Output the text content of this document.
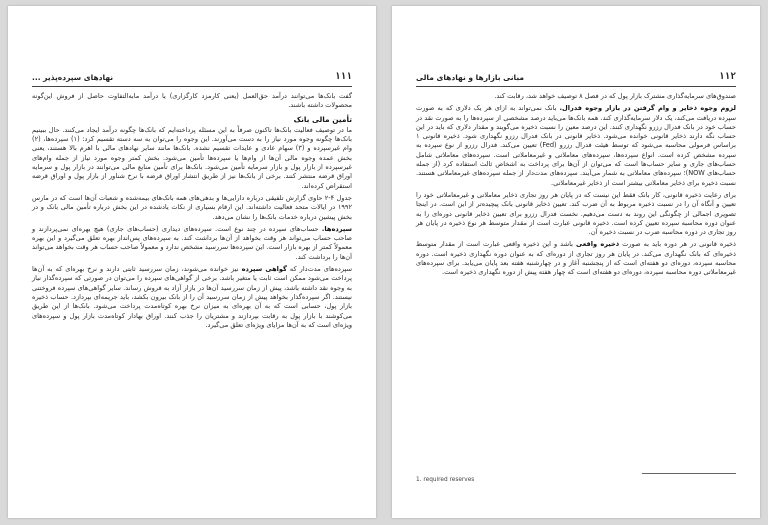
۱۱۱
نهادهای سپرده‌پذیر ...

گفت بانک‌ها می‌توانند درآمد حق‌العمل (یعنی کارمزد کارگزاری) یا درآمد مابه‌التفاوت حاصل از فروش این‌گونه محصولات داشته باشند.

تأمین مالی بانک

ما در توصیف فعالیت بانک‌ها تاکنون صرفاً به این مسئله پرداخته‌ایم که بانک‌ها چگونه درآمد ایجاد می‌کنند. حال ببینیم بانک‌ها چگونه وجوه مورد نیاز را به دست می‌آورند. این وجوه را می‌توان به سه دسته تقسیم کرد: (۱) سپرده‌ها، (۲) وام غیرسپرده و (۳) سهام عادی و عایدات تقسیم نشده. بانک‌ها مانند سایر نهادهای مالی با اهرم بالا هستند، یعنی بخش عمده وجوه مالی آن‌ها از وام‌ها یا سپرده‌ها تأمین می‌شود. بخش کمتر وجوه مورد نیاز از جمله وام‌های غیرسپرده از بازار پول و بازار سرمایه تأمین می‌شود. بانک‌ها برای تأمین منابع مالی می‌توانند در بازار پول و سرمایه اوراق قرضه منتشر کنند. برخی از بانک‌ها نیز از طریق انتشار اوراق قرضه با نرخ شناور از بازار پول و اوراق قرضه استقراض کرده‌اند.

جدول ۴-۲ حاوی گزارش تلفیقی درباره دارایی‌ها و بدهی‌های همه بانک‌های بیمه‌شده و شعبات آن‌ها است که در مارس ۱۹۹۲ در ایالات متحد فعالیت داشته‌اند. این ارقام بسیاری از نکات یادشده در این بخش درباره تأمین مالی بانک و در بخش پیشین درباره خدمات بانک‌ها را نشان می‌دهد.

سپرده‌ها. حساب‌های سپرده در چند نوع است. سپرده‌های دیداری (حساب‌های جاری) هیچ بهره‌ای نمی‌پردازند و صاحب حساب می‌تواند هر وقت بخواهد از آن‌ها برداشت کند. به سپرده‌های پس‌انداز بهره تعلق می‌گیرد و این بهره معمولاً کمتر از بهره بازار است. این سپرده‌ها سررسید مشخص ندارد و معمولاً صاحب حساب هر وقت بخواهد می‌تواند آن‌ها را برداشت کند.

سپرده‌های مدت‌دار که گواهی سپرده نیز خوانده می‌شوند، زمان سررسید ثابتی دارند و نرخ بهره‌ای که به آن‌ها پرداخت می‌شود ممکن است ثابت یا متغیر باشد. برخی از گواهی‌های سپرده را می‌توان در صورتی که سپرده‌گذار نیاز به وجوه نقد داشته باشد، پیش از زمان سررسید آن‌ها در بازار آزاد به فروش رساند. سایر گواهی‌های سپرده فروختنی نیستند. اگر سپرده‌گذار بخواهد پیش از زمان سررسید آن را از بانک بیرون بکشد، باید جریمه‌ای بپردازد. حساب ذخیره بازار پول، حسابی است که به آن بهره‌ای به میزان نرخ بهره کوتاه‌مدت پرداخت می‌شود. بانک‌ها از این طریق می‌کوشند با بازار پول به رقابت بپردازند و مشتریان را جذب کنند. اوراق بهادار کوتاه‌مدت بازار پول و سپرده‌های ویژه‌ای است که به آن‌ها مزایای ویژه‌ای تعلق می‌گیرد.

۱۱۲
مبانی بازارها و نهادهای مالی

صندوق‌های سرمایه‌گذاری مشترک بازار پول که در فصل ۸ توصیف خواهد شد، رقابت کند.

لزوم وجوه ذخایر و وام گرفتن در بازار وجوه فدرال. بانک نمی‌تواند به ازای هر یک دلاری که به صورت سپرده دریافت می‌کند، یک دلار سرمایه‌گذاری کند. همه بانک‌ها می‌باید درصد مشخصی از سپرده‌ها را به صورت نقد در حساب خود در بانک فدرال رزرو نگهداری کنند. این درصد معین را نسبت ذخیره می‌گویند و مقدار دلاری که باید در این حساب نگه دارند ذخایر قانونی خوانده می‌شود. ذخایر قانونی در بانک فدرال رزرو نگهداری شود. ذخیره قانونی ۱ براساس فرمولی محاسبه می‌شود که توسط هیئت فدرال رزرو (Fed) تعیین می‌کند. فدرال رزرو از نوع سپرده به سپرده مشخص کرده است. انواع سپرده‌ها، سپرده‌های معاملاتی و غیرمعاملاتی است. سپرده‌های معاملاتی شامل حساب‌های جاری و سایر حساب‌ها است که می‌توان از آن‌ها برای پرداخت به اشخاص ثالث استفاده کرد (از جمله حساب‌های NOW)؛ سپرده‌های معاملاتی به شمار می‌آیند. سپرده‌های مدت‌دار از جمله سپرده‌های غیرمعاملاتی هستند. نسبت ذخیره برای ذخایر معاملاتی بیشتر است از ذخایر غیرمعاملاتی.

برای رعایت ذخیره قانونی، کار بانک فقط این نیست که در پایان هر روز تجاری ذخایر معاملاتی و غیرمعاملاتی خود را تعیین و آنگاه آن را در نسبت ذخیره مربوط به آن ضرب کند. تعیین ذخایر قانونی بانک پیچیده‌تر از این است. در اینجا تصویری اجمالی از چگونگی این روند به دست می‌دهیم. نخست فدرال رزرو برای تعیین ذخایر قانونی دوره‌ای را به عنوان دوره محاسبه سپرده تعیین کرده است. ذخیره قانونی عبارت است از مقدار متوسط هر نوع ذخیره در پایان هر روز تجاری در دوره محاسبه ضرب در نسبت ذخیره آن.

ذخیره قانونی در هر دوره باید به صورت ذخیره واقعی باشد و این ذخیره واقعی عبارت است از مقدار متوسط ذخیره‌ای که بانک نگهداری می‌کند. در پایان هر روز تجاری از دوره‌ای که به عنوان دوره نگهداری ذخیره است. دوره محاسبه سپرده، دوره‌ای دو هفته‌ای است که از پنجشنبه آغاز و در چهارشنبه هفته بعد پایان می‌یابد. برای سپرده‌های غیرمعاملاتی دوره محاسبه سپرده، دوره‌ای دو هفته‌ای است که چهار هفته پیش از دوره نگهداری ذخیره است.

1. required reserves
